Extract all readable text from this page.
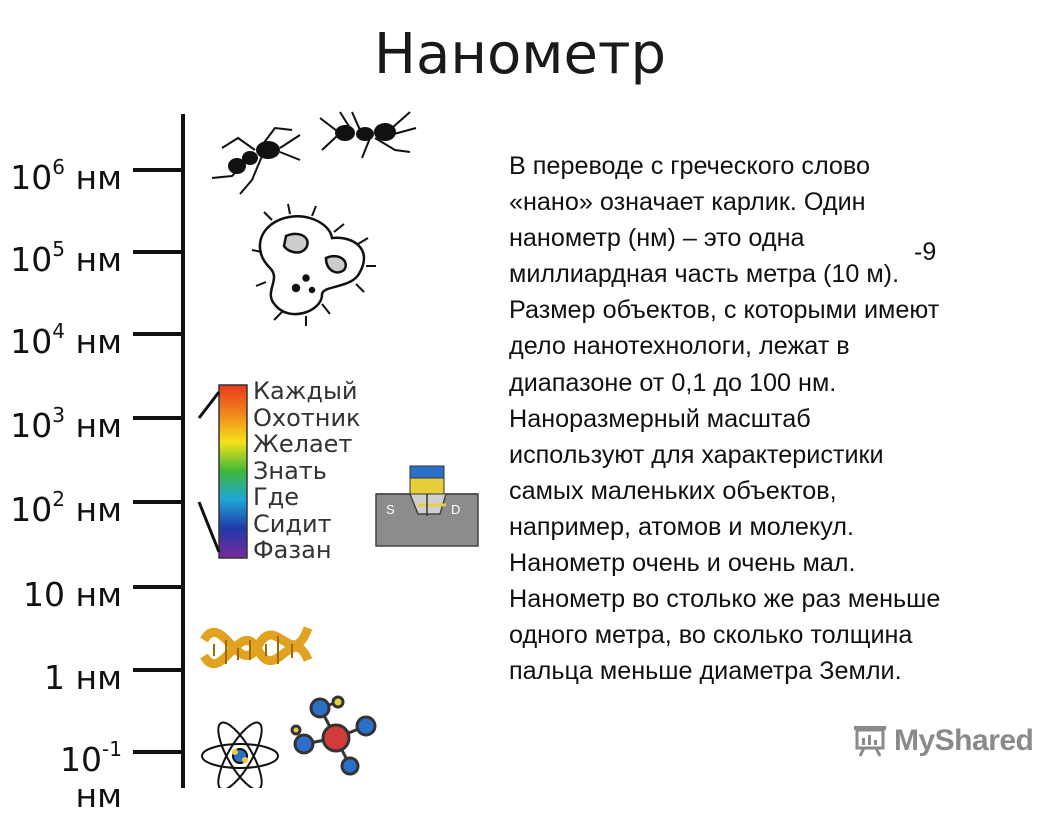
Нанометр
S	D
$10^6$ нм
$10^5$ нм
$10^4$ нм
$10^3$ нм
$10^2$ нм
10 нм
1 нм
$10^{-1}$ нм
Каждый
Охотник
Желает
Знать
Где
Сидит
Фазан
В переводе с греческого слово
«нано» означает карлик. Один
нанометр (нм) – это одна
миллиардная часть метра (10 м).
Размер объектов, с которыми имеют
дело нанотехнологи, лежат в
диапазоне от 0,1 до 100 нм.
Наноразмерный масштаб
используют для характеристики
самых маленьких объектов,
например, атомов и молекул.
Нанометр очень и очень мал.
Нанометр во столько же раз меньше
одного метра, во сколько толщина
пальца меньше диаметра Земли.
-9
MyShared
